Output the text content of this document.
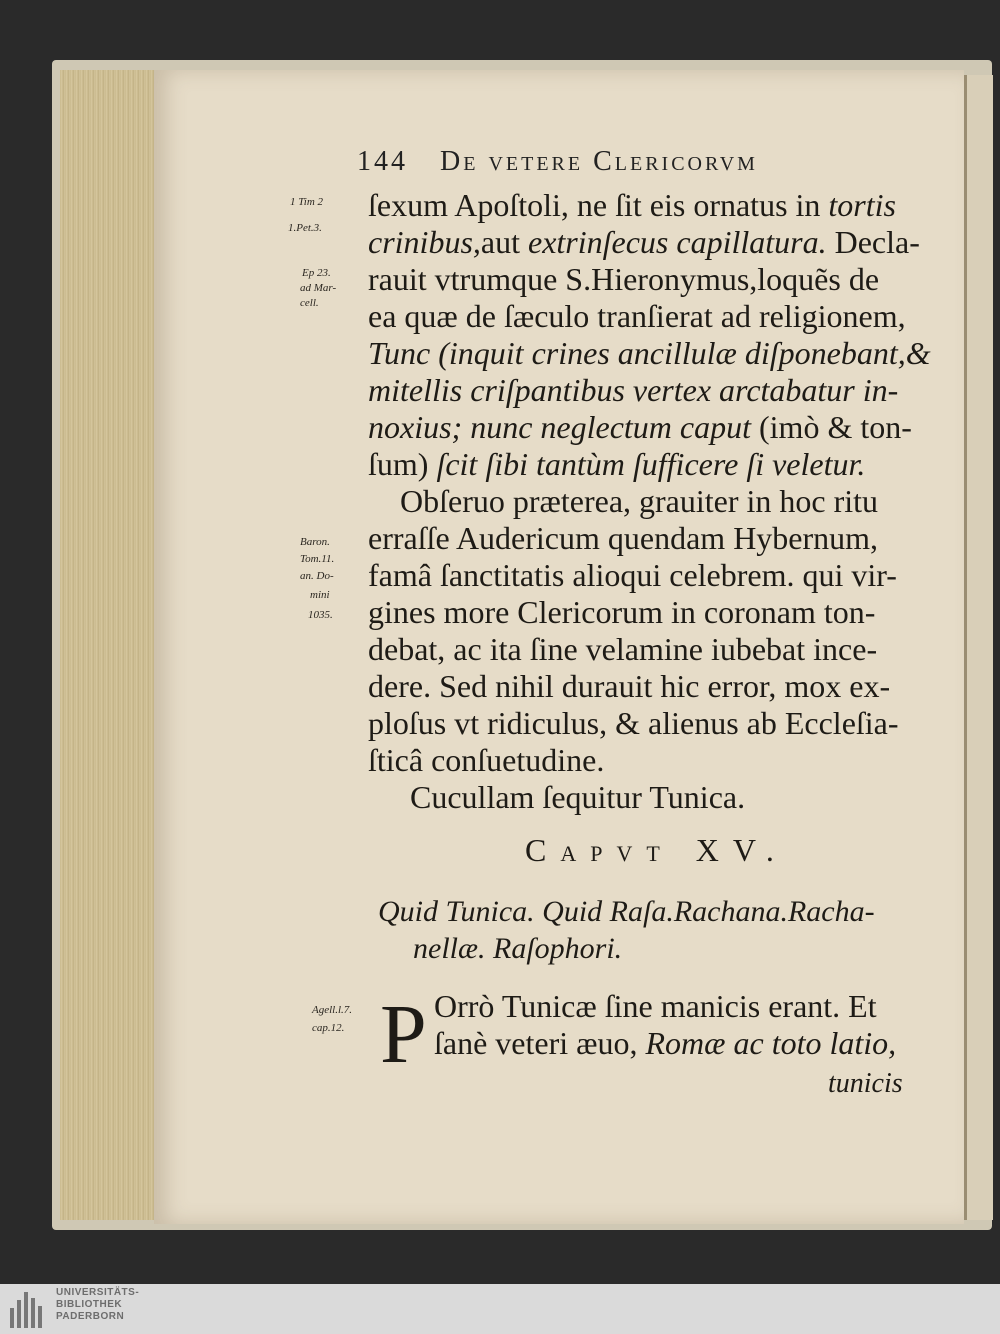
144 De vetere Clericorvm
1 Tim 2
1.Pet.3.
Ep 23.
ad Mar-
cell.
Baron.
Tom.11.
an. Do-
mini
1035.
ſexum Apoſtoli, ne ſit eis ornatus in tortis
crinibus,aut extrinſecus capillatura. Decla-
rauit vtrumque S.Hieronymus,loquẽs de
ea quæ de ſæculo tranſierat ad religionem,
Tunc (inquit crines ancillulæ diſponebant,&
mitellis criſpantibus vertex arctabatur in-
noxius; nunc neglectum caput (imò & ton-
ſum) ſcit ſibi tantùm ſufficere ſi veletur.
Obſeruo præterea, grauiter in hoc ritu
erraſſe Audericum quendam Hybernum,
famâ ſanctitatis alioqui celebrem. qui vir-
gines more Clericorum in coronam ton-
debat, ac ita ſine velamine iubebat ince-
dere. Sed nihil durauit hic error, mox ex-
ploſus vt ridiculus, & alienus ab Eccleſia-
ſticâ conſuetudine.
Cucullam ſequitur Tunica.
Capvt XV.
Quid Tunica. Quid Raſa.Rachana.Racha-
nellæ. Raſophori.
Agell.l.7.
cap.12. P Orrò Tunicæ ſine manicis erant. Et
ſanè veteri æuo, Romæ ac toto latio,
tunicis
UNIVERSITÄTS-
BIBLIOTHEK
PADERBORN
